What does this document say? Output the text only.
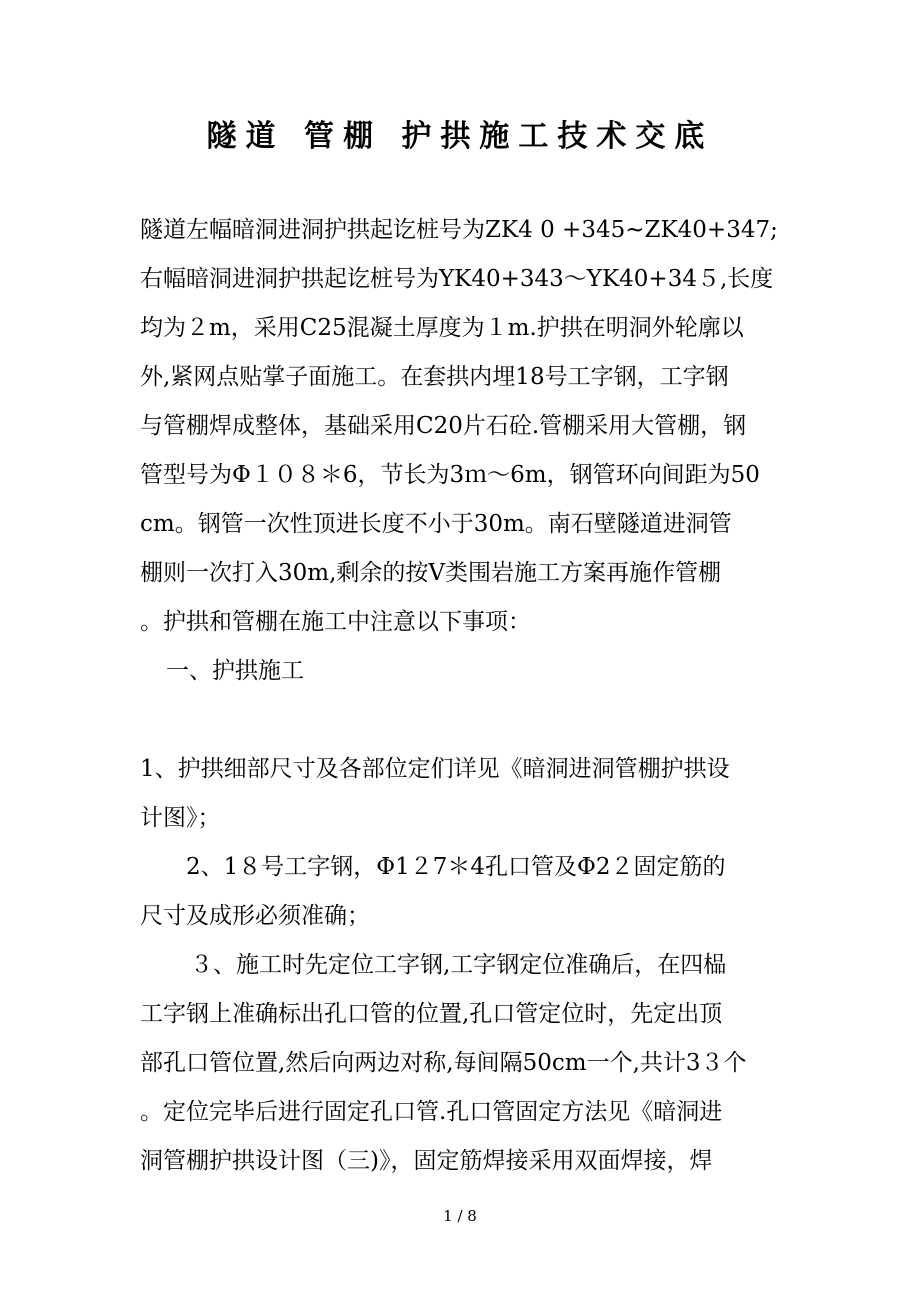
隧道 管棚 护拱施工技术交底
隧道左幅暗洞进洞护拱起讫桩号为ZK4 0 +345~ZK40+347;
右幅暗洞进洞护拱起讫桩号为YK40+343～YK40+34５,长度
均为２m，采用C25混凝土厚度为１m.护拱在明洞外轮廓以
外,紧网点贴掌子面施工。在套拱内埋18号工字钢，工字钢
与管棚焊成整体，基础采用C20片石砼.管棚采用大管棚，钢
管型号为Φ１０８＊6，节长为3ｍ～6m，钢管环向间距为50
cm。钢管一次性顶进长度不小于30m。南石壁隧道进洞管
棚则一次打入30m,剩余的按Ⅴ类围岩施工方案再施作管棚
。护拱和管棚在施工中注意以下事项：
一、护拱施工
1、护拱细部尺寸及各部位定们详见《暗洞进洞管棚护拱设
计图》；
2、1８号工字钢，Φ1２7＊4孔口管及Φ2２固定筋的
尺寸及成形必须准确；
３、施工时先定位工字钢,工字钢定位准确后，在四榀
工字钢上准确标出孔口管的位置,孔口管定位时，先定出顶
部孔口管位置,然后向两边对称,每间隔50cm一个,共计3３个
。定位完毕后进行固定孔口管.孔口管固定方法见《暗洞进
洞管棚护拱设计图（三)》，固定筋焊接采用双面焊接，焊
1 / 8
